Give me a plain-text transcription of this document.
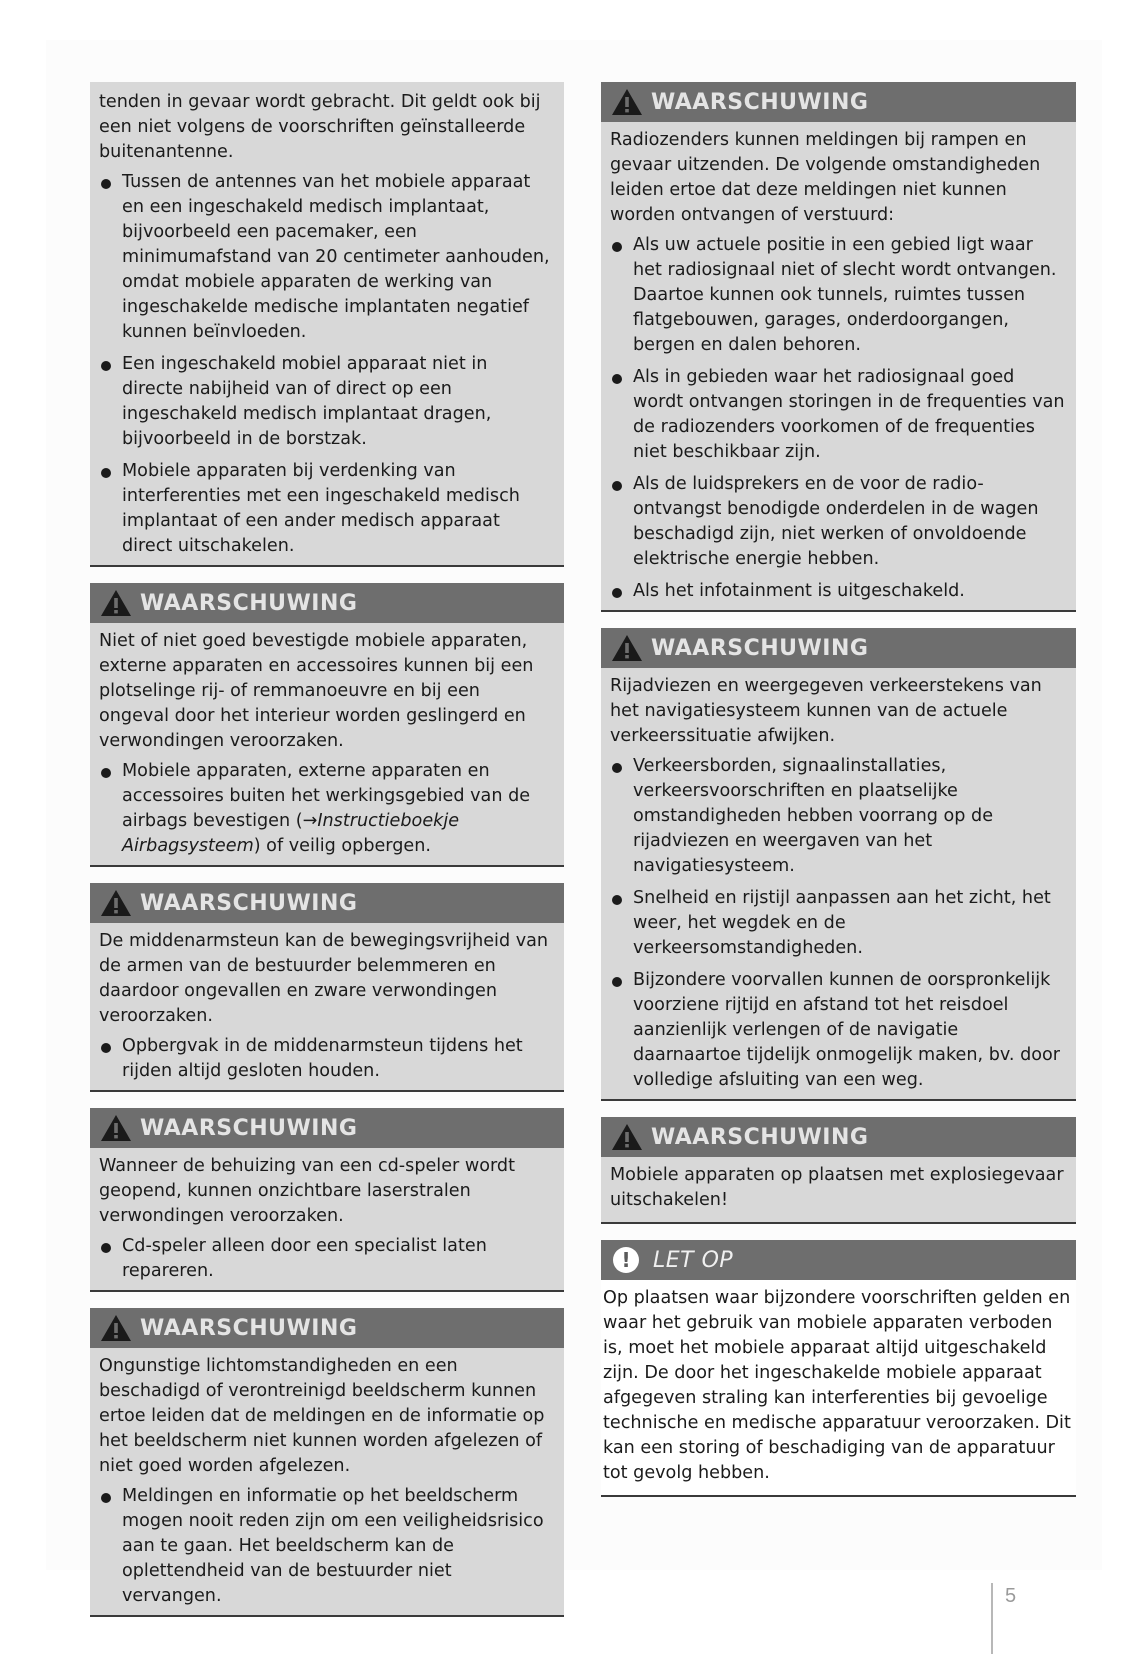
tenden in gevaar wordt gebracht. Dit geldt ook bij een niet volgens de voorschriften geïnstalleerde buitenantenne.

Tussen de antennes van het mobiele apparaat en een ingeschakeld medisch implantaat, bijvoorbeeld een pacemaker, een minimumafstand van 20 centimeter aanhouden, omdat mobiele apparaten de werking van ingeschakelde medische implantaten negatief kunnen beïnvloeden.
Een ingeschakeld mobiel apparaat niet in directe nabijheid van of direct op een ingeschakeld medisch implantaat dragen, bijvoorbeeld in de borstzak.
Mobiele apparaten bij verdenking van interferenties met een ingeschakeld medisch implantaat of een ander medisch apparaat direct uitschakelen.
WAARSCHUWING

Niet of niet goed bevestigde mobiele apparaten, externe apparaten en accessoires kunnen bij een plotselinge rij- of remmanoeuvre en bij een ongeval door het interieur worden geslingerd en verwondingen veroorzaken.

Mobiele apparaten, externe apparaten en accessoires buiten het werkingsgebied van de airbags bevestigen (→Instructieboekje Airbagsysteem) of veilig opbergen.
WAARSCHUWING

De middenarmsteun kan de bewegingsvrijheid van de armen van de bestuurder belemmeren en daardoor ongevallen en zware verwondingen veroorzaken.

Opbergvak in de middenarmsteun tijdens het rijden altijd gesloten houden.
WAARSCHUWING

Wanneer de behuizing van een cd-speler wordt geopend, kunnen onzichtbare laserstralen verwondingen veroorzaken.

Cd-speler alleen door een specialist laten repareren.
WAARSCHUWING

Ongunstige lichtomstandigheden en een beschadigd of verontreinigd beeldscherm kunnen ertoe leiden dat de meldingen en de informatie op het beeldscherm niet kunnen worden afgelezen of niet goed worden afgelezen.

Meldingen en informatie op het beeldscherm mogen nooit reden zijn om een veiligheidsrisico aan te gaan. Het beeldscherm kan de oplettendheid van de bestuurder niet vervangen.
WAARSCHUWING

Radiozenders kunnen meldingen bij rampen en gevaar uitzenden. De volgende omstandigheden leiden ertoe dat deze meldingen niet kunnen worden ontvangen of verstuurd:

Als uw actuele positie in een gebied ligt waar het radiosignaal niet of slecht wordt ontvangen. Daartoe kunnen ook tunnels, ruimtes tussen flatgebouwen, garages, onderdoorgangen, bergen en dalen behoren.
Als in gebieden waar het radiosignaal goed wordt ontvangen storingen in de frequenties van de radiozenders voorkomen of de frequenties niet beschikbaar zijn.
Als de luidsprekers en de voor de radio-ontvangst benodigde onderdelen in de wagen beschadigd zijn, niet werken of onvoldoende elektrische energie hebben.
Als het infotainment is uitgeschakeld.
WAARSCHUWING

Rijadviezen en weergegeven verkeerstekens van het navigatiesysteem kunnen van de actuele verkeerssituatie afwijken.

Verkeersborden, signaalinstallaties, verkeersvoorschriften en plaatselijke omstandigheden hebben voorrang op de rijadviezen en weergaven van het navigatiesysteem.
Snelheid en rijstijl aanpassen aan het zicht, het weer, het wegdek en de verkeersomstandigheden.
Bijzondere voorvallen kunnen de oorspronkelijk voorziene rijtijd en afstand tot het reisdoel aanzienlijk verlengen of de navigatie daarnaartoe tijdelijk onmogelijk maken, bv. door volledige afsluiting van een weg.
WAARSCHUWING

Mobiele apparaten op plaatsen met explosiegevaar uitschakelen!

!	LET OP

Op plaatsen waar bijzondere voorschriften gelden en waar het gebruik van mobiele apparaten verboden is, moet het mobiele apparaat altijd uitgeschakeld zijn. De door het ingeschakelde mobiele apparaat afgegeven straling kan interferenties bij gevoelige technische en medische apparatuur veroorzaken. Dit kan een storing of beschadiging van de apparatuur tot gevolg hebben.

5
